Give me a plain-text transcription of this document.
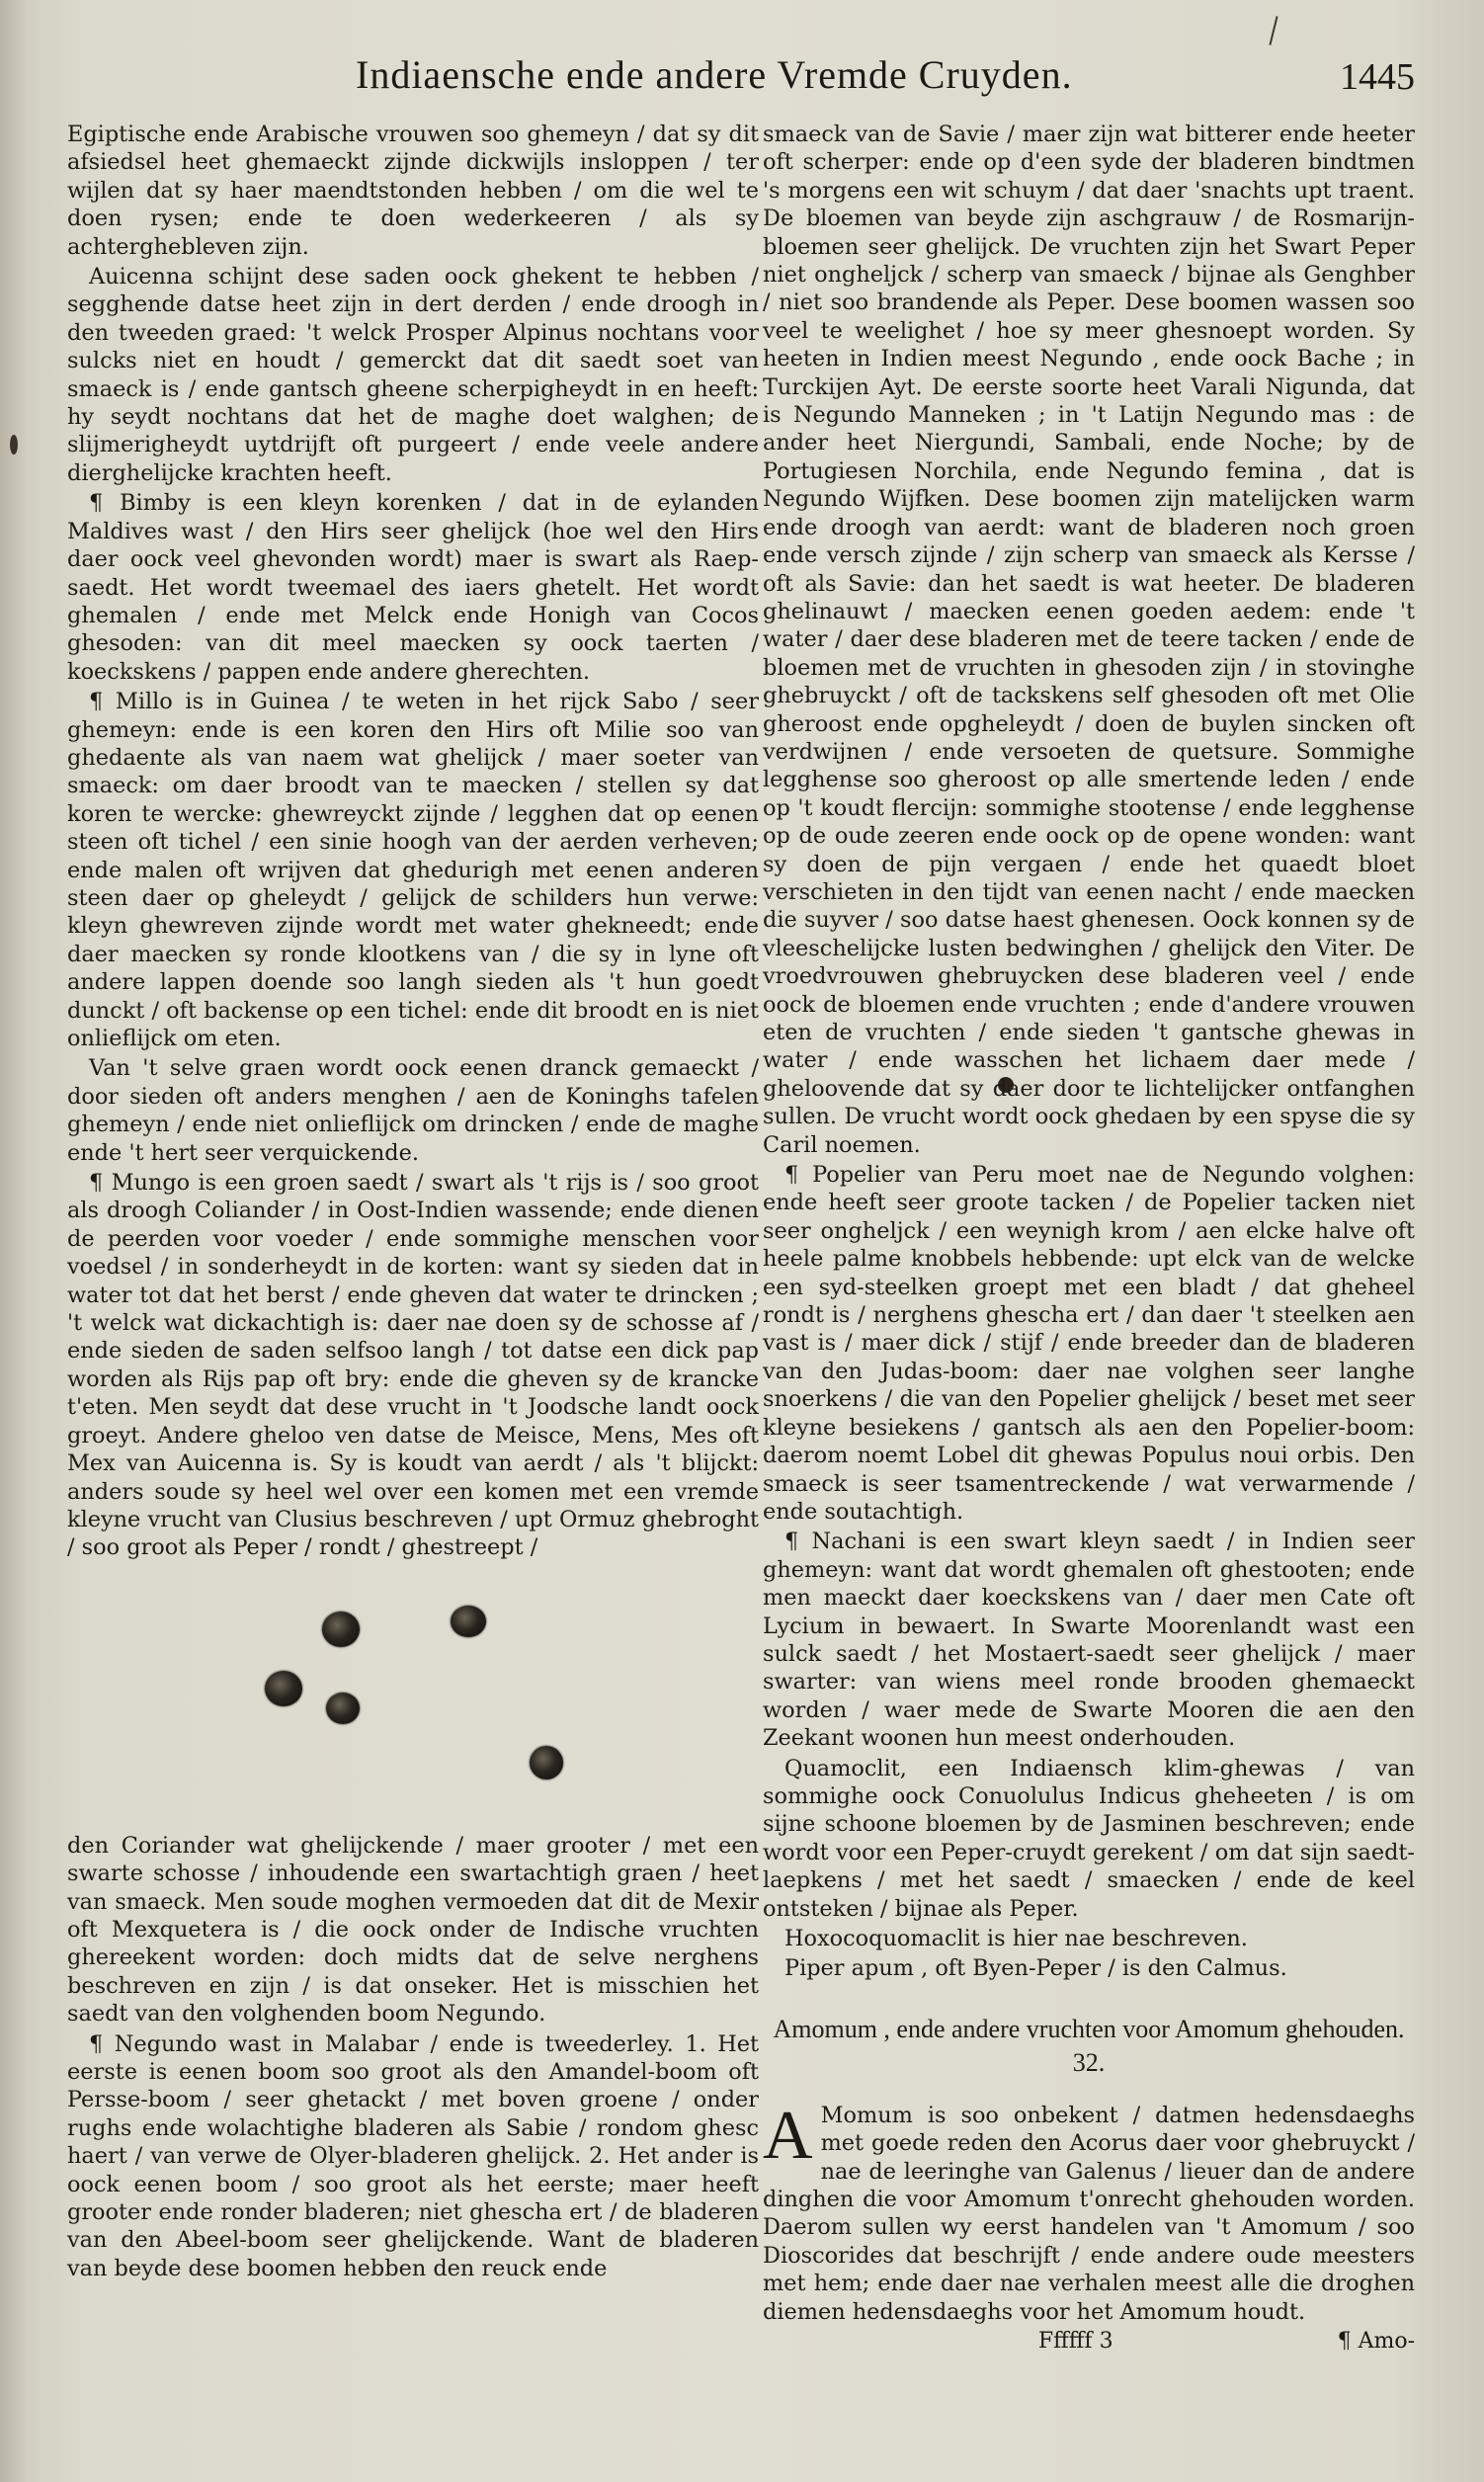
Indiaensche ende andere Vremde Cruyden.	1445

Egiptische ende Arabische vrouwen soo ghemeyn / dat sy dit afsiedsel heet ghemaeckt zijnde dickwijls insloppen / ter wijlen dat sy haer maendtstonden hebben / om die wel te doen rysen; ende te doen wederkeeren / als sy achterghebleven zijn.

Auicenna schijnt dese saden oock ghekent te hebben / segghende datse heet zijn in dert derden / ende droogh in den tweeden graed: 't welck Prosper Alpinus nochtans voor sulcks niet en houdt / gemerckt dat dit saedt soet van smaeck is / ende gantsch gheene scherpigheydt in en heeft: hy seydt nochtans dat het de maghe doet walghen; de slijmerigheydt uytdrijft oft purgeert / ende veele andere dierghelijcke krachten heeft.

¶ Bimby is een kleyn korenken / dat in de eylanden Maldives wast / den Hirs seer ghelijck (hoe wel den Hirs daer oock veel ghevonden wordt) maer is swart als Raep-saedt. Het wordt tweemael des iaers ghetelt. Het wordt ghemalen / ende met Melck ende Honigh van Cocos ghesoden: van dit meel maecken sy oock taerten / koeckskens / pappen ende andere gherechten.

¶ Millo is in Guinea / te weten in het rijck Sabo / seer ghemeyn: ende is een koren den Hirs oft Milie soo van ghedaente als van naem wat ghelijck / maer soeter van smaeck: om daer broodt van te maecken / stellen sy dat koren te wercke: ghewreyckt zijnde / legghen dat op eenen steen oft tichel / een sinie hoogh van der aerden verheven; ende malen oft wrijven dat ghedurigh met eenen anderen steen daer op gheleydt / gelijck de schilders hun verwe: kleyn ghewreven zijnde wordt met water ghekneedt; ende daer maecken sy ronde klootkens van / die sy in lyne oft andere lappen doende soo langh sieden als 't hun goedt dunckt / oft backense op een tichel: ende dit broodt en is niet onlieflijck om eten.

Van 't selve graen wordt oock eenen dranck gemaeckt / door sieden oft anders menghen / aen de Koninghs tafelen ghemeyn / ende niet onlieflijck om drincken / ende de maghe ende 't hert seer verquickende.

¶ Mungo is een groen saedt / swart als 't rijs is / soo groot als droogh Coliander / in Oost-Indien wassende; ende dienen de peerden voor voeder / ende sommighe menschen voor voedsel / in sonderheydt in de korten: want sy sieden dat in water tot dat het berst / ende gheven dat water te drincken ; 't welck wat dickachtigh is: daer nae doen sy de schosse af / ende sieden de saden selfsoo langh / tot datse een dick pap worden als Rijs pap oft bry: ende die gheven sy de krancke t'eten. Men seydt dat dese vrucht in 't Joodsche landt oock groeyt. Andere gheloo ven datse de Meisce, Mens, Mes oft Mex van Auicenna is. Sy is koudt van aerdt / als 't blijckt: anders soude sy heel wel over een komen met een vremde kleyne vrucht van Clusius beschreven / upt Ormuz ghebroght / soo groot als Peper / rondt / ghestreept /

den Coriander wat ghelijckende / maer grooter / met een swarte schosse / inhoudende een swartachtigh graen / heet van smaeck. Men soude moghen vermoeden dat dit de Mexir oft Mexquetera is / die oock onder de Indische vruchten ghereekent worden: doch midts dat de selve nerghens beschreven en zijn / is dat onseker. Het is misschien het saedt van den volghenden boom Negundo.

¶ Negundo wast in Malabar / ende is tweederley. 1. Het eerste is eenen boom soo groot als den Amandel-boom oft Persse-boom / seer ghetackt / met boven groene / onder rughs ende wolachtighe bladeren als Sabie / rondom ghesc haert / van verwe de Olyer-bladeren ghelijck. 2. Het ander is oock eenen boom / soo groot als het eerste; maer heeft grooter ende ronder bladeren; niet ghescha ert / de bladeren van den Abeel-boom seer ghelijckende. Want de bladeren van beyde dese boomen hebben den reuck ende

smaeck van de Savie / maer zijn wat bitterer ende heeter oft scherper: ende op d'een syde der bladeren bindtmen 's morgens een wit schuym / dat daer 'snachts upt traent. De bloemen van beyde zijn aschgrauw / de Rosmarijn-bloemen seer ghelijck. De vruchten zijn het Swart Peper niet ongheljck / scherp van smaeck / bijnae als Genghber / niet soo brandende als Peper. Dese boomen wassen soo veel te weelighet / hoe sy meer ghesnoept worden. Sy heeten in Indien meest Negundo , ende oock Bache ; in Turckijen Ayt. De eerste soorte heet Varali Nigunda, dat is Negundo Manneken ; in 't Latijn Negundo mas : de ander heet Niergundi, Sambali, ende Noche; by de Portugiesen Norchila, ende Negundo femina , dat is Negundo Wijfken. Dese boomen zijn matelijcken warm ende droogh van aerdt: want de bladeren noch groen ende versch zijnde / zijn scherp van smaeck als Kersse / oft als Savie: dan het saedt is wat heeter. De bladeren ghelinauwt / maecken eenen goeden aedem: ende 't water / daer dese bladeren met de teere tacken / ende de bloemen met de vruchten in ghesoden zijn / in stovinghe ghebruyckt / oft de tackskens self ghesoden oft met Olie gheroost ende opgheleydt / doen de buylen sincken oft verdwijnen / ende versoeten de quetsure. Sommighe legghense soo gheroost op alle smertende leden / ende op 't koudt flercijn: sommighe stootense / ende legghense op de oude zeeren ende oock op de opene wonden: want sy doen de pijn vergaen / ende het quaedt bloet verschieten in den tijdt van eenen nacht / ende maecken die suyver / soo datse haest ghenesen. Oock konnen sy de vleeschelijcke lusten bedwinghen / ghelijck den Viter. De vroedvrouwen ghebruycken dese bladeren veel / ende oock de bloemen ende vruchten ; ende d'andere vrouwen eten de vruchten / ende sieden 't gantsche ghewas in water / ende wasschen het lichaem daer mede / gheloovende dat sy daer door te lichtelijcker ontfanghen sullen. De vrucht wordt oock ghedaen by een spyse die sy Caril noemen.

¶ Popelier van Peru moet nae de Negundo volghen: ende heeft seer groote tacken / de Popelier tacken niet seer ongheljck / een weynigh krom / aen elcke halve oft heele palme knobbels hebbende: upt elck van de welcke een syd-steelken groept met een bladt / dat gheheel rondt is / nerghens ghescha ert / dan daer 't steelken aen vast is / maer dick / stijf / ende breeder dan de bladeren van den Judas-boom: daer nae volghen seer langhe snoerkens / die van den Popelier ghelijck / beset met seer kleyne besiekens / gantsch als aen den Popelier-boom: daerom noemt Lobel dit ghewas Populus noui orbis. Den smaeck is seer tsamentreckende / wat verwarmende / ende soutachtigh.

¶ Nachani is een swart kleyn saedt / in Indien seer ghemeyn: want dat wordt ghemalen oft ghestooten; ende men maeckt daer koeckskens van / daer men Cate oft Lycium in bewaert. In Swarte Moorenlandt wast een sulck saedt / het Mostaert-saedt seer ghelijck / maer swarter: van wiens meel ronde brooden ghemaeckt worden / waer mede de Swarte Mooren die aen den Zeekant woonen hun meest onderhouden.

Quamoclit, een Indiaensch klim-ghewas / van sommighe oock Conuolulus Indicus gheheeten / is om sijne schoone bloemen by de Jasminen beschreven; ende wordt voor een Peper-cruydt gerekent / om dat sijn saedt-laepkens / met het saedt / smaecken / ende de keel ontsteken / bijnae als Peper.

Hoxocoquomaclit is hier nae beschreven.

Piper apum , oft Byen-Peper / is den Calmus.

Amomum , ende andere vruchten voor Amomum ghehouden. 32.
A Momum is soo onbekent / datmen hedensdaeghs met goede reden den Acorus daer voor ghebruyckt / nae de leeringhe van Galenus / lieuer dan de andere dinghen die voor Amomum t'onrecht ghehouden worden. Daerom sullen wy eerst handelen van 't Amomum / soo Dioscorides dat beschrijft / ende andere oude meesters met hem; ende daer nae verhalen meest alle die droghen diemen hedensdaeghs voor het Amomum houdt.

Ffffff 3	¶ Amo-
